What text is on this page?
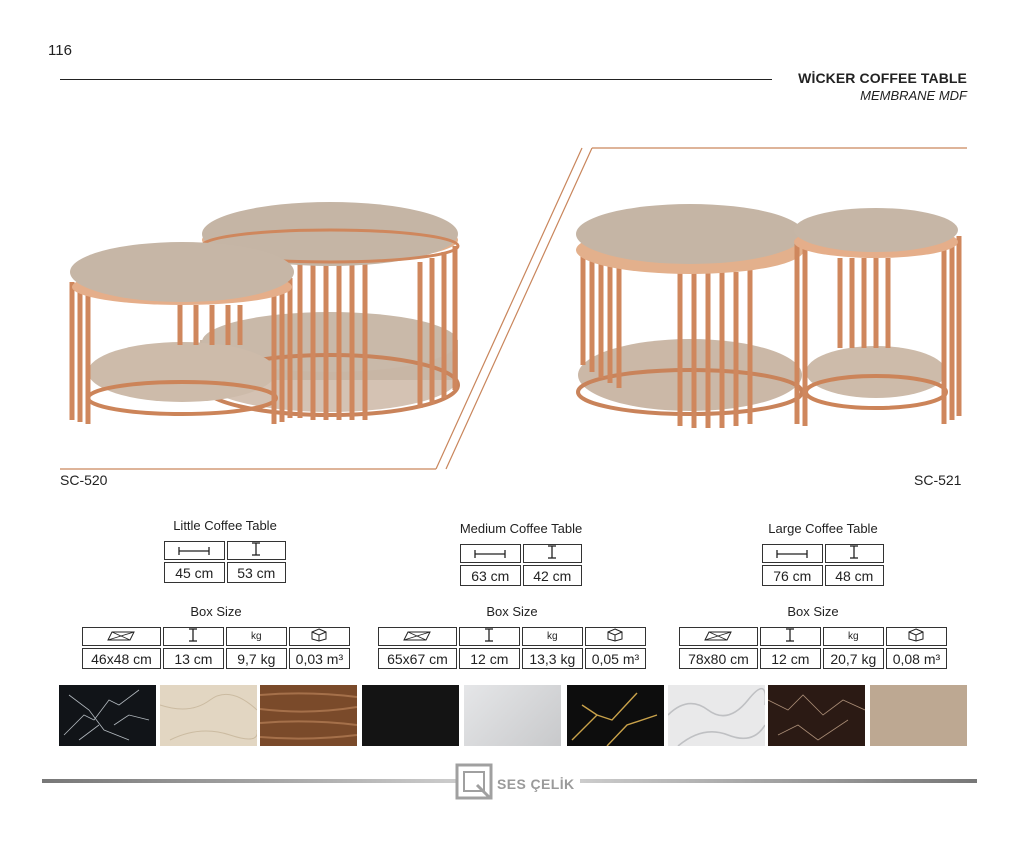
116
WİCKER COFFEE TABLE
MEMBRANE MDF
SC-520	SC-521
Little Coffee Table

45 cm	53 cm
Medium Coffee Table

63 cm	42 cm
Large Coffee Table

76 cm	48 cm
Box Size
		kg	
46x48 cm	13 cm	9,7 kg	0,03 m³
Box Size
		kg	
65x67 cm	12 cm	13,3 kg	0,05 m³
Box Size
		kg	
78x80 cm	12 cm	20,7 kg	0,08 m³
SES ÇELİK
